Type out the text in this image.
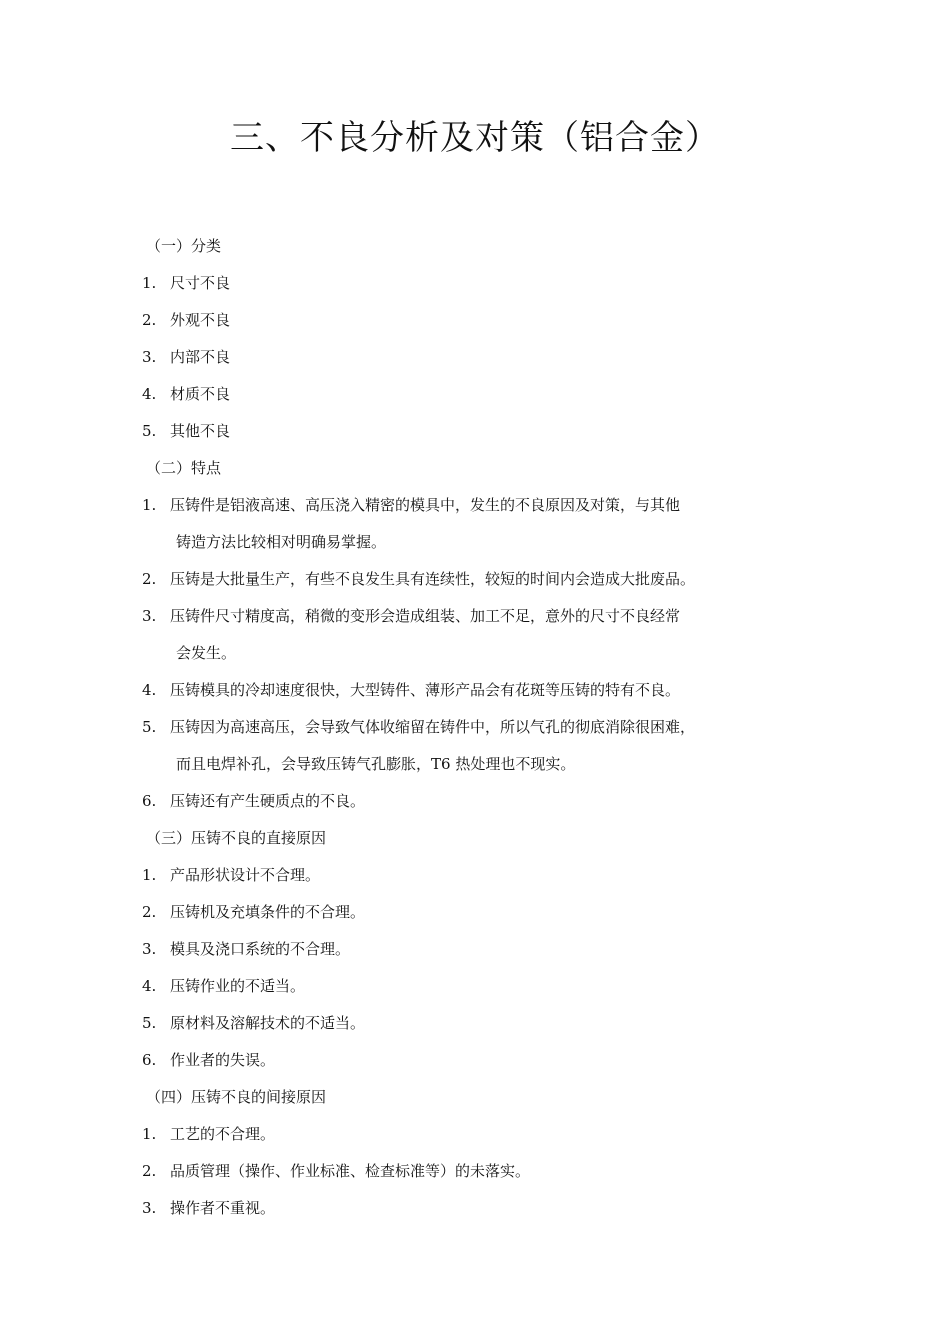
三、不良分析及对策（铝合金）
（一）分类
1. 尺寸不良
2. 外观不良
3. 内部不良
4. 材质不良
5. 其他不良
（二）特点
1. 压铸件是铝液高速、高压浇入精密的模具中，发生的不良原因及对策，与其他
铸造方法比较相对明确易掌握。
2. 压铸是大批量生产，有些不良发生具有连续性，较短的时间内会造成大批废品。
3. 压铸件尺寸精度高，稍微的变形会造成组装、加工不足，意外的尺寸不良经常
会发生。
4. 压铸模具的冷却速度很快，大型铸件、薄形产品会有花斑等压铸的特有不良。
5. 压铸因为高速高压，会导致气体收缩留在铸件中，所以气孔的彻底消除很困难，
而且电焊补孔，会导致压铸气孔膨胀，T6 热处理也不现实。
6. 压铸还有产生硬质点的不良。
（三）压铸不良的直接原因
1. 产品形状设计不合理。
2. 压铸机及充填条件的不合理。
3. 模具及浇口系统的不合理。
4. 压铸作业的不适当。
5. 原材料及溶解技术的不适当。
6. 作业者的失误。
（四）压铸不良的间接原因
1. 工艺的不合理。
2. 品质管理（操作、作业标准、检查标准等）的未落实。
3. 操作者不重视。
